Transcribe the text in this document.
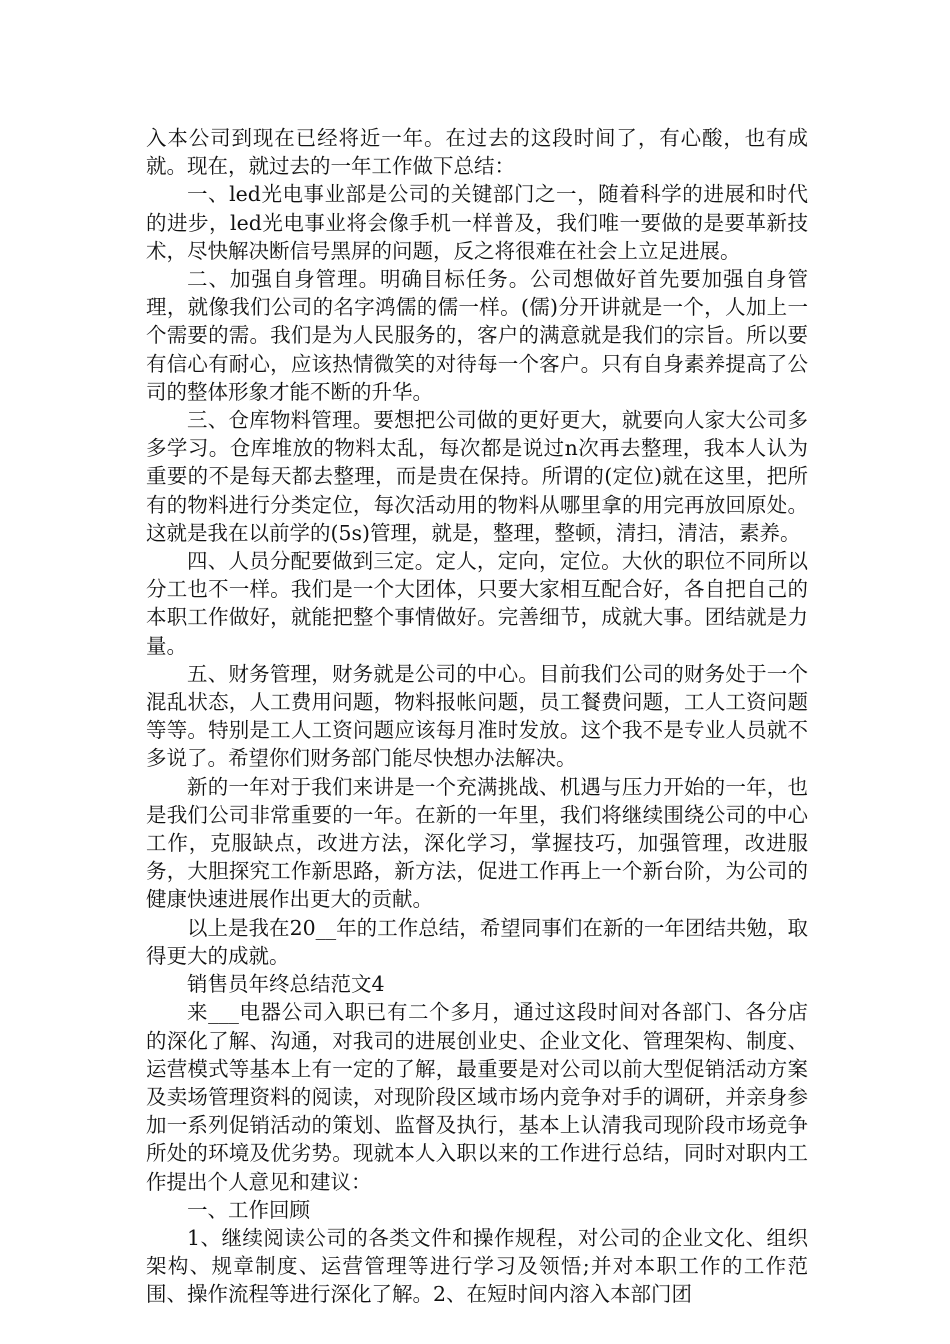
入本公司到现在已经将近一年。在过去的这段时间了，有心酸，也有成就。现在，就过去的一年工作做下总结：

一、led光电事业部是公司的关键部门之一，随着科学的进展和时代的进步，led光电事业将会像手机一样普及，我们唯一要做的是要革新技术，尽快解决断信号黑屏的问题，反之将很难在社会上立足进展。

二、加强自身管理。明确目标任务。公司想做好首先要加强自身管理，就像我们公司的名字鸿儒的儒一样。(儒)分开讲就是一个，人加上一个需要的需。我们是为人民服务的，客户的满意就是我们的宗旨。所以要有信心有耐心，应该热情微笑的对待每一个客户。只有自身素养提高了公司的整体形象才能不断的升华。

三、仓库物料管理。要想把公司做的更好更大，就要向人家大公司多多学习。仓库堆放的物料太乱，每次都是说过n次再去整理，我本人认为重要的不是每天都去整理，而是贵在保持。所谓的(定位)就在这里，把所有的物料进行分类定位，每次活动用的物料从哪里拿的用完再放回原处。这就是我在以前学的(5s)管理，就是，整理，整顿，清扫，清洁，素养。

四、人员分配要做到三定。定人，定向，定位。大伙的职位不同所以分工也不一样。我们是一个大团体，只要大家相互配合好，各自把自己的本职工作做好，就能把整个事情做好。完善细节，成就大事。团结就是力量。

五、财务管理，财务就是公司的中心。目前我们公司的财务处于一个混乱状态，人工费用问题，物料报帐问题，员工餐费问题，工人工资问题等等。特别是工人工资问题应该每月准时发放。这个我不是专业人员就不多说了。希望你们财务部门能尽快想办法解决。

新的一年对于我们来讲是一个充满挑战、机遇与压力开始的一年，也是我们公司非常重要的一年。在新的一年里，我们将继续围绕公司的中心工作，克服缺点，改进方法，深化学习，掌握技巧，加强管理，改进服务，大胆探究工作新思路，新方法，促进工作再上一个新台阶，为公司的健康快速进展作出更大的贡献。

以上是我在20__年的工作总结，希望同事们在新的一年团结共勉，取得更大的成就。

销售员年终总结范文4

来___电器公司入职已有二个多月，通过这段时间对各部门、各分店的深化了解、沟通，对我司的进展创业史、企业文化、管理架构、制度、运营模式等基本上有一定的了解，最重要是对公司以前大型促销活动方案及卖场管理资料的阅读，对现阶段区域市场内竞争对手的调研，并亲身参加一系列促销活动的策划、监督及执行，基本上认清我司现阶段市场竞争所处的环境及优劣势。现就本人入职以来的工作进行总结，同时对职内工作提出个人意见和建议：

一、工作回顾

1、继续阅读公司的各类文件和操作规程，对公司的企业文化、组织架构、规章制度、运营管理等进行学习及领悟;并对本职工作的工作范围、操作流程等进行深化了解。2、在短时间内溶入本部门团
